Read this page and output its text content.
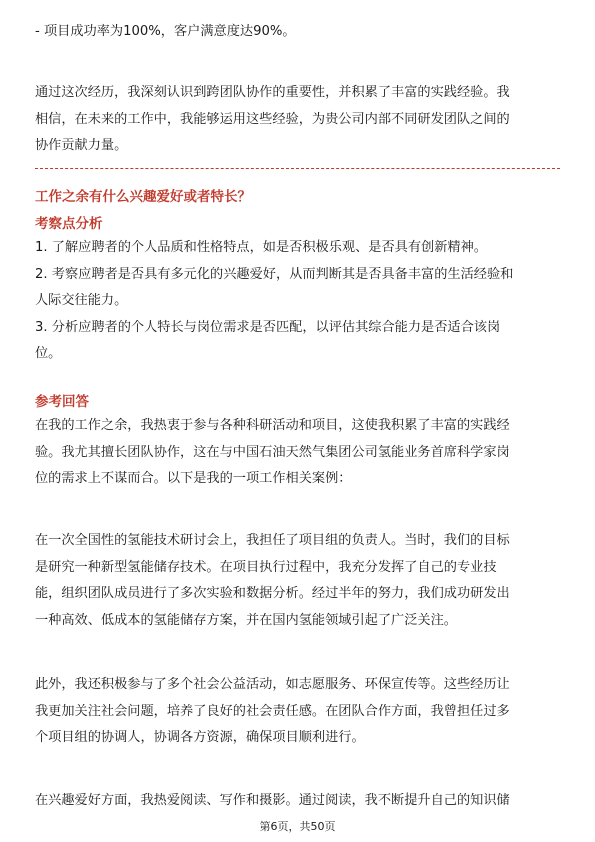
- 项目成功率为100%，客户满意度达90%。
通过这次经历，我深刻认识到跨团队协作的重要性，并积累了丰富的实践经验。我
相信，在未来的工作中，我能够运用这些经验，为贵公司内部不同研发团队之间的
协作贡献力量。
工作之余有什么兴趣爱好或者特长？
考察点分析
1. 了解应聘者的个人品质和性格特点，如是否积极乐观、是否具有创新精神。
2. 考察应聘者是否具有多元化的兴趣爱好，从而判断其是否具备丰富的生活经验和
人际交往能力。
3. 分析应聘者的个人特长与岗位需求是否匹配，以评估其综合能力是否适合该岗
位。
参考回答
在我的工作之余，我热衷于参与各种科研活动和项目，这使我积累了丰富的实践经
验。我尤其擅长团队协作，这在与中国石油天然气集团公司氢能业务首席科学家岗
位的需求上不谋而合。以下是我的一项工作相关案例：
在一次全国性的氢能技术研讨会上，我担任了项目组的负责人。当时，我们的目标
是研究一种新型氢能储存技术。在项目执行过程中，我充分发挥了自己的专业技
能，组织团队成员进行了多次实验和数据分析。经过半年的努力，我们成功研发出
一种高效、低成本的氢能储存方案，并在国内氢能领域引起了广泛关注。
此外，我还积极参与了多个社会公益活动，如志愿服务、环保宣传等。这些经历让
我更加关注社会问题，培养了良好的社会责任感。在团队合作方面，我曾担任过多
个项目组的协调人，协调各方资源，确保项目顺利进行。
在兴趣爱好方面，我热爱阅读、写作和摄影。通过阅读，我不断提升自己的知识储
第6页，共50页
